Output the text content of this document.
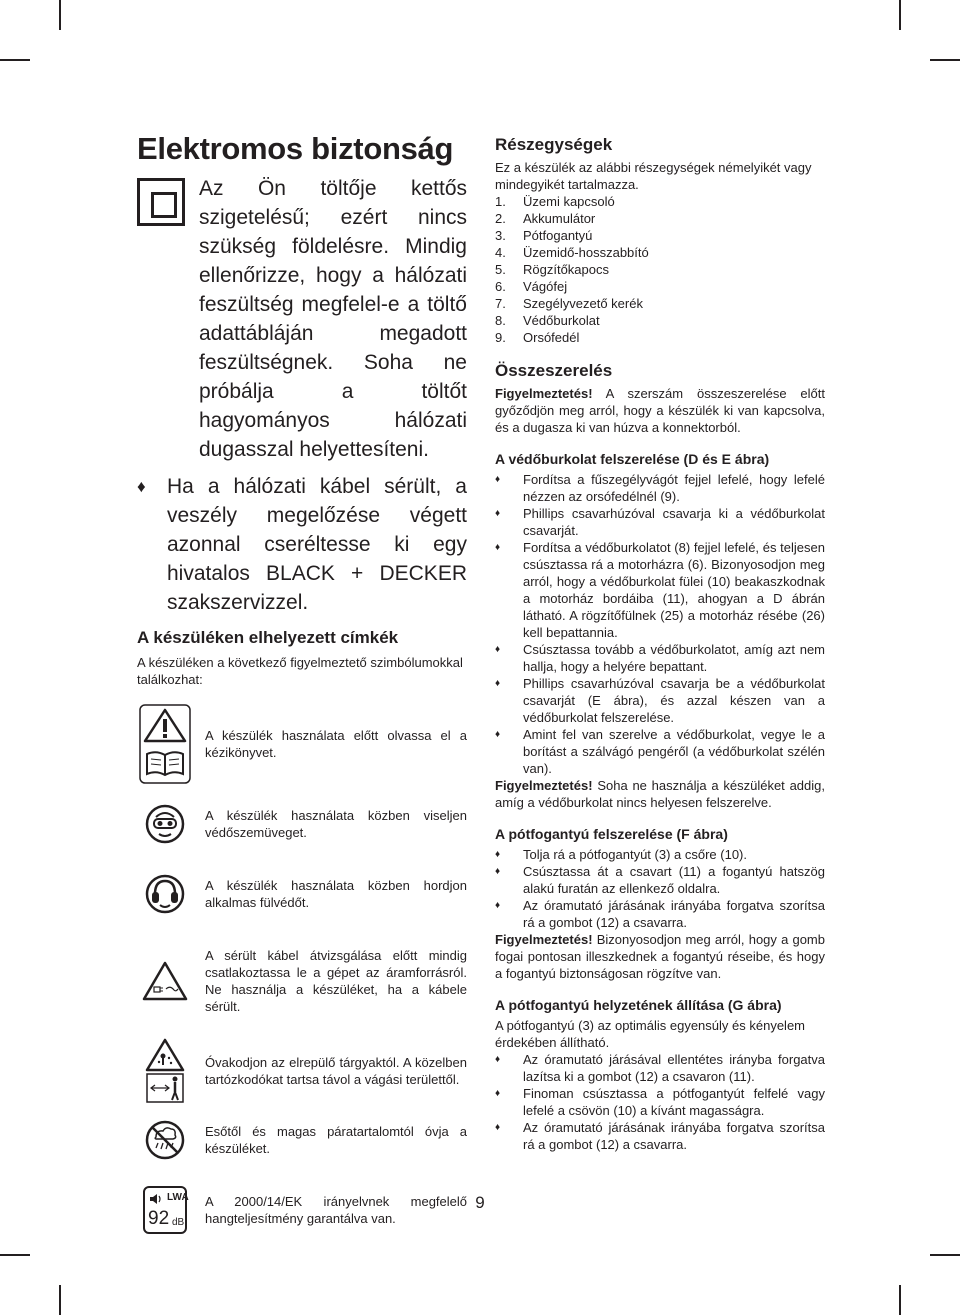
Elektromos biztonság

Az Ön töltője kettős szigetelésű; ezért nincs szükség földelésre. Mindig ellenőrizze, hogy a hálózati feszültség megfelel-e a töltő adattábláján megadott feszültségnek. Soha ne próbálja a töltőt hagyományos hálózati dugasszal helyettesíteni.

♦	Ha a hálózati kábel sérült, a veszély megelőzése végett azonnal cseréltesse ki egy hivatalos BLACK + DECKER szakszervizzel.

A készüléken elhelyezett címkék

A készüléken a következő figyelmeztető szimbólumokkal találkozhat:

A készülék használata előtt olvassa el a kézikönyvet.

A készülék használata közben viseljen védőszemüveget.

A készülék használata közben hordjon alkalmas fülvédőt.

A sérült kábel átvizsgálása előtt mindig csatlakoztassa le a gépet az áramforrásról. Ne használja a készüléket, ha a kábele sérült.

Óvakodjon az elrepülő tárgyaktól. A közelben tartózkodókat tartsa távol a vágási területtől.

Esőtől és magas páratartalomtól óvja a készüléket.

LWA
92 dB

A 2000/14/EK irányelvnek megfelelő hangteljesítmény garantálva van.

Részegységek

Ez a készülék az alábbi részegységek némelyikét vagy mindegyikét tartalmazza.

1. Üzemi kapcsoló
2. Akkumulátor
3. Pótfogantyú
4. Üzemidő-hosszabbító
5. Rögzítőkapocs
6. Vágófej
7. Szegélyvezető kerék
8. Védőburkolat
9. Orsófedél
Összeszerelés

Figyelmeztetés! A szerszám összeszerelése előtt győződjön meg arról, hogy a készülék ki van kapcsolva, és a dugasza ki van húzva a konnektorból.

A védőburkolat felszerelése (D és E ábra)
♦	Fordítsa a fűszegélyvágót fejjel lefelé, hogy lefelé nézzen az orsófedélnél (9).
♦	Phillips csavarhúzóval csavarja ki a védőburkolat csavarját.
♦	Fordítsa a védőburkolatot (8) fejjel lefelé, és teljesen csúsztassa rá a motorházra (6). Bizonyosodjon meg arról, hogy a védőburkolat fülei (10) beakaszkodnak a motorház bordáiba (11), ahogyan a D ábrán látható. A rögzítőfülnek (25) a motorház résébe (26) kell bepattannia.
♦	Csúsztassa tovább a védőburkolatot, amíg azt nem hallja, hogy a helyére bepattant.
♦	Phillips csavarhúzóval csavarja be a védőburkolat csavarját (E ábra), és azzal készen van a védőburkolat felszerelése.
♦	Amint fel van szerelve a védőburkolat, vegye le a borítást a szálvágó pengéről (a védőburkolat szélén van).

Figyelmeztetés! Soha ne használja a készüléket addig, amíg a védőburkolat nincs helyesen felszerelve.

A pótfogantyú felszerelése (F ábra)
♦	Tolja rá a pótfogantyút (3) a csőre (10).
♦	Csúsztassa át a csavart (11) a fogantyú hatszög alakú furatán az ellenkező oldalra.
♦	Az óramutató járásának irányába forgatva szorítsa rá a gombot (12) a csavarra.

Figyelmeztetés! Bizonyosodjon meg arról, hogy a gomb fogai pontosan illeszkednek a fogantyú réseibe, és hogy a fogantyú biztonságosan rögzítve van.

A pótfogantyú helyzetének állítása (G ábra)

A pótfogantyú (3) az optimális egyensúly és kényelem érdekében állítható.

♦	Az óramutató járásával ellentétes irányba forgatva lazítsa ki a gombot (12) a csavaron (11).
♦	Finoman csúsztassa a pótfogantyút felfelé vagy lefelé a csövön (10) a kívánt magasságra.
♦	Az óramutató járásának irányába forgatva szorítsa rá a gombot (12) a csavarra.
9
